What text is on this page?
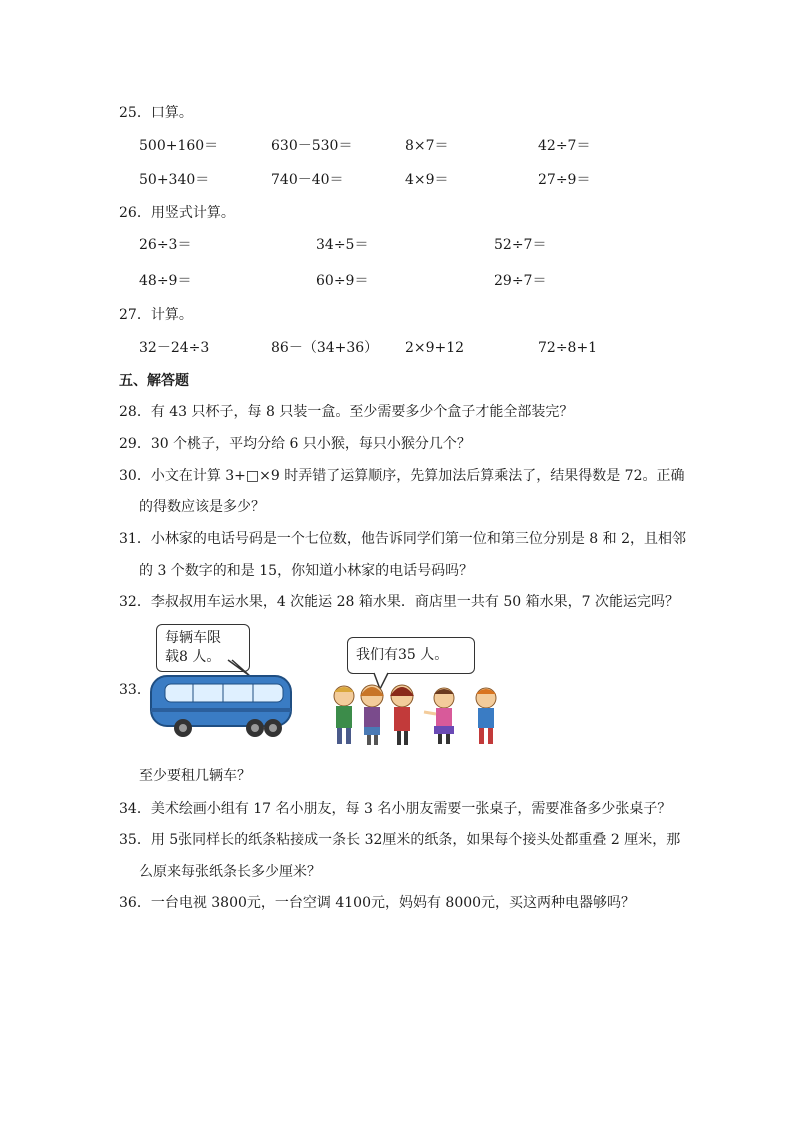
25．口算。
500+160＝	630－530＝	8×7＝	42÷7＝
50+340＝	740－40＝	4×9＝	27÷9＝
26．用竖式计算。
26÷3＝	34÷5＝	52÷7＝
48÷9＝	60÷9＝	29÷7＝
27．计算。
32－24÷3	86－（34+36） 2×9+12	72÷8+1
五、解答题
28．有 43 只杯子，每 8 只装一盒。至少需要多少个盒子才能全部装完？
29．30 个桃子，平均分给 6 只小猴，每只小猴分几个？
30．小文在计算 3+□×9 时弄错了运算顺序，先算加法后算乘法了，结果得数是 72。正确
的得数应该是多少？
31．小林家的电话号码是一个七位数，他告诉同学们第一位和第三位分别是 8 和 2，且相邻
的 3 个数字的和是 15，你知道小林家的电话号码吗？
32．李叔叔用车运水果，4 次能运 28 箱水果．商店里一共有 50 箱水果，7 次能运完吗？
33．
每辆车限
载8 人。	我们有35 人。
至少要租几辆车？
34．美术绘画小组有 17 名小朋友，每 3 名小朋友需要一张桌子，需要准备多少张桌子？
35．用 5张同样长的纸条粘接成一条长 32厘米的纸条，如果每个接头处都重叠 2 厘米，那
么原来每张纸条长多少厘米？
36．一台电视 3800元，一台空调 4100元，妈妈有 8000元，买这两种电器够吗？
